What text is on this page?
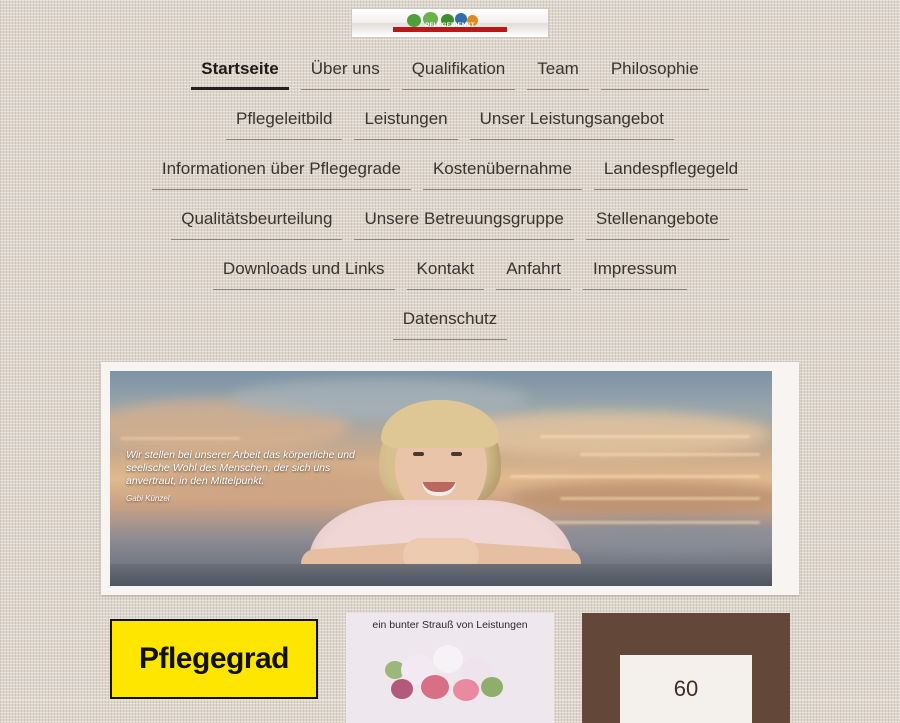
PFLEGEDIENST
Startseite	Über uns	Qualifikation	Team	Philosophie
Pflegeleitbild	Leistungen	Unser Leistungsangebot
Informationen über Pflegegrade	Kostenübernahme	Landespflegegeld
Qualitätsbeurteilung	Unsere Betreuungsgruppe	Stellenangebote
Downloads und Links	Kontakt	Anfahrt	Impressum
Datenschutz
Wir stellen bei unserer Arbeit das körperliche und seelische Wohl des Menschen, der sich uns anvertraut, in den Mittelpunkt.
Gabi Künzel
Pflegegrad
ein bunter Strauß von Leistungen
60
